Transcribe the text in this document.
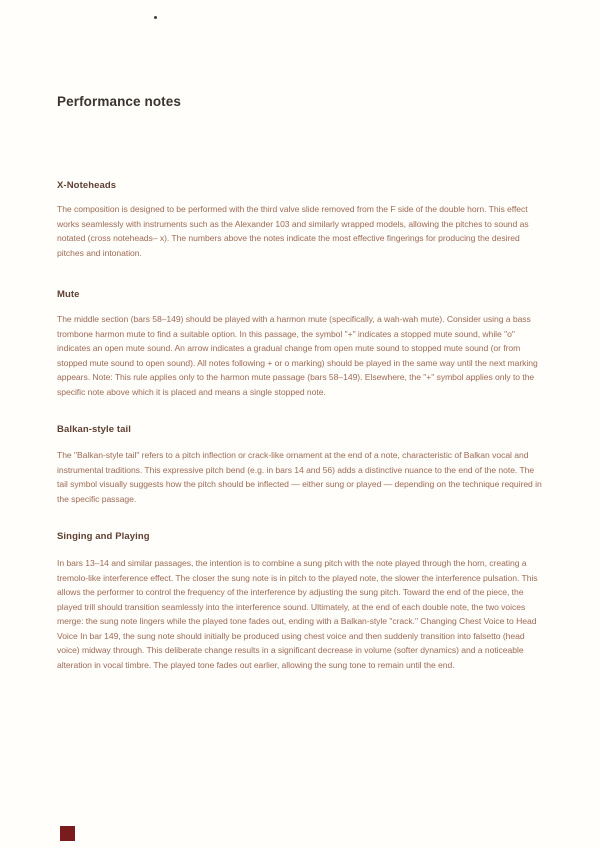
Performance notes
X-Noteheads
The composition is designed to be performed with the third valve slide removed from the F side of the double horn. This effect works seamlessly with instruments such as the Alexander 103 and similarly wrapped models, allowing the pitches to sound as notated (cross noteheads– x). The numbers above the notes indicate the most effective fingerings for producing the desired pitches and intonation.
Mute
The middle section (bars 58–149) should be played with a harmon mute (specifically, a wah-wah mute). Consider using a bass trombone harmon mute to find a suitable option. In this passage, the symbol "+" indicates a stopped mute sound, while "o" indicates an open mute sound. An arrow indicates a gradual change from open mute sound to stopped mute sound (or from stopped mute sound to open sound). All notes following + or o marking) should be played in the same way until the next marking appears. Note: This rule applies only to the harmon mute passage (bars 58–149). Elsewhere, the "+" symbol applies only to the specific note above which it is placed and means a single stopped note.
Balkan-style tail
The "Balkan-style tail" refers to a pitch inflection or crack-like ornament at the end of a note, characteristic of Balkan vocal and instrumental traditions. This expressive pitch bend (e.g. in bars 14 and 56) adds a distinctive nuance to the end of the note. The tail symbol visually suggests how the pitch should be inflected — either sung or played — depending on the technique required in the specific passage.
Singing and Playing
In bars 13–14 and similar passages, the intention is to combine a sung pitch with the note played through the horn, creating a tremolo-like interference effect. The closer the sung note is in pitch to the played note, the slower the interference pulsation. This allows the performer to control the frequency of the interference by adjusting the sung pitch. Toward the end of the piece, the played trill should transition seamlessly into the interference sound. Ultimately, at the end of each double note, the two voices merge: the sung note lingers while the played tone fades out, ending with a Balkan-style "crack." Changing Chest Voice to Head Voice In bar 149, the sung note should initially be produced using chest voice and then suddenly transition into falsetto (head voice) midway through. This deliberate change results in a significant decrease in volume (softer dynamics) and a noticeable alteration in vocal timbre. The played tone fades out earlier, allowing the sung tone to remain until the end.
